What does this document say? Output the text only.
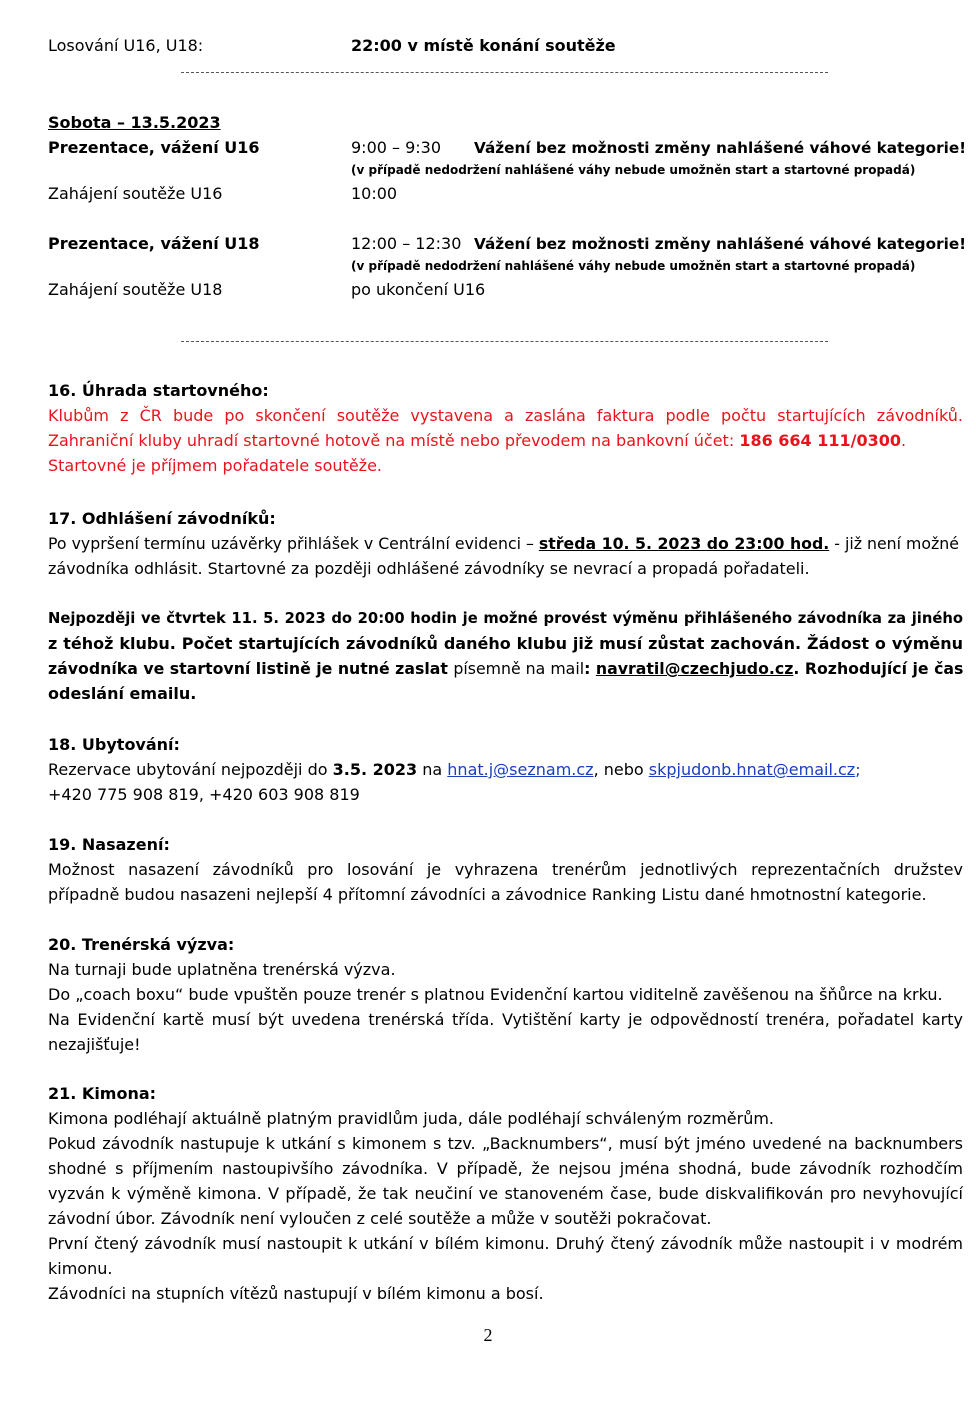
Losování U16, U18:	22:00 v místě konání soutěže
Sobota – 13.5.2023
Prezentace, vážení U16	9:00 – 9:30 Vážení bez možnosti změny nahlášené váhové kategorie!
(v případě nedodržení nahlášené váhy nebude umožněn start a startovné propadá)
Zahájení soutěže U16	10:00
Prezentace, vážení U18	12:00 – 12:30 Vážení bez možnosti změny nahlášené váhové kategorie!
(v případě nedodržení nahlášené váhy nebude umožněn start a startovné propadá)
Zahájení soutěže U18	po ukončení U16
16. Úhrada startovného:
Klubům z ČR bude po skončení soutěže vystavena a zaslána faktura podle počtu startujících závodníků.
Zahraniční kluby uhradí startovné hotově na místě nebo převodem na bankovní účet: 186 664 111/0300.
Startovné je příjmem pořadatele soutěže.
17. Odhlášení závodníků:
Po vypršení termínu uzávěrky přihlášek v Centrální evidenci – středa 10. 5. 2023 do 23:00 hod. - již není možné
závodníka odhlásit. Startovné za později odhlášené závodníky se nevrací a propadá pořadateli.
Nejpozději ve čtvrtek 11. 5. 2023 do 20:00 hodin je možné provést výměnu přihlášeného závodníka za jiného
z téhož klubu. Počet startujících závodníků daného klubu již musí zůstat zachován. Žádost o výměnu
závodníka ve startovní listině je nutné zaslat písemně na mail: navratil@czechjudo.cz. Rozhodující je čas
odeslání emailu.
18. Ubytování:
Rezervace ubytování nejpozději do 3.5. 2023 na hnat.j@seznam.cz, nebo skpjudonb.hnat@email.cz;
+420 775 908 819, +420 603 908 819
19. Nasazení:
Možnost nasazení závodníků pro losování je vyhrazena trenérům jednotlivých reprezentačních družstev
případně budou nasazeni nejlepší 4 přítomní závodníci a závodnice Ranking Listu dané hmotnostní kategorie.
20. Trenérská výzva:
Na turnaji bude uplatněna trenérská výzva.
Do „coach boxu“ bude vpuštěn pouze trenér s platnou Evidenční kartou viditelně zavěšenou na šňůrce na krku.
Na Evidenční kartě musí být uvedena trenérská třída. Vytištění karty je odpovědností trenéra, pořadatel karty
nezajišťuje!
21. Kimona:
Kimona podléhají aktuálně platným pravidlům juda, dále podléhají schváleným rozměrům.
Pokud závodník nastupuje k utkání s kimonem s tzv. „Backnumbers“, musí být jméno uvedené na backnumbers
shodné s příjmením nastoupivšího závodníka. V případě, že nejsou jména shodná, bude závodník rozhodčím
vyzván k výměně kimona. V případě, že tak neučiní ve stanoveném čase, bude diskvalifikován pro nevyhovující
závodní úbor. Závodník není vyloučen z celé soutěže a může v soutěži pokračovat.
První čtený závodník musí nastoupit k utkání v bílém kimonu. Druhý čtený závodník může nastoupit i v modrém
kimonu.
Závodníci na stupních vítězů nastupují v bílém kimonu a bosí.
2
